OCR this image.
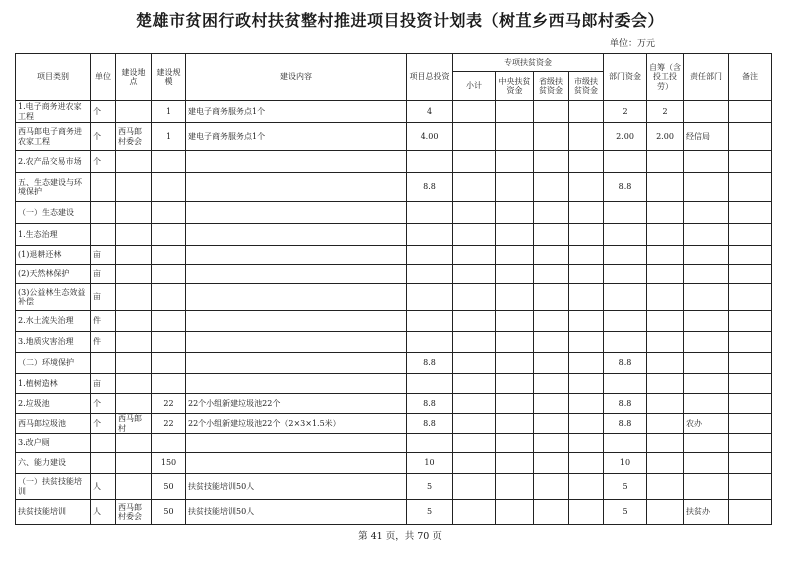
楚雄市贫困行政村扶贫整村推进项目投资计划表（树苴乡西马郎村委会）
单位：万元
项目类别	单位	建设地点	建设规模	建设内容	项目总投资	专项扶贫资金				部门资金	自筹（含投工投劳）	责任部门	备注
						小计	中央扶贫资金	省级扶贫资金	市级扶贫资金				
1.电子商务进农家工程	个		1	建电子商务服务点1个	4					2	2		
西马郎电子商务进农家工程	个	西马郎村委会	1	建电子商务服务点1个	4.00					2.00	2.00	经信局	
2.农产品交易市场	个												
五、生态建设与环境保护					8.8					8.8			
（一）生态建设													
1.生态治理													
(1)退耕还林	亩												
(2)天然林保护	亩												
(3)公益林生态效益补偿	亩												
2.水土流失治理	件												
3.地质灾害治理	件												
（二）环境保护					8.8					8.8			
1.植树造林	亩												
2.垃圾池	个		22	22个小组新建垃圾池22个	8.8					8.8			
西马郎垃圾池	个	西马郎村	22	22个小组新建垃圾池22个（2×3×1.5米）	8.8					8.8		农办	
3.改户厕													
六、能力建设			150		10					10			
（一）扶贫技能培训	人		50	扶贫技能培训50人	5					5			
扶贫技能培训	人	西马郎村委会	50	扶贫技能培训50人	5					5		扶贫办	
第 41 页，共 70 页
